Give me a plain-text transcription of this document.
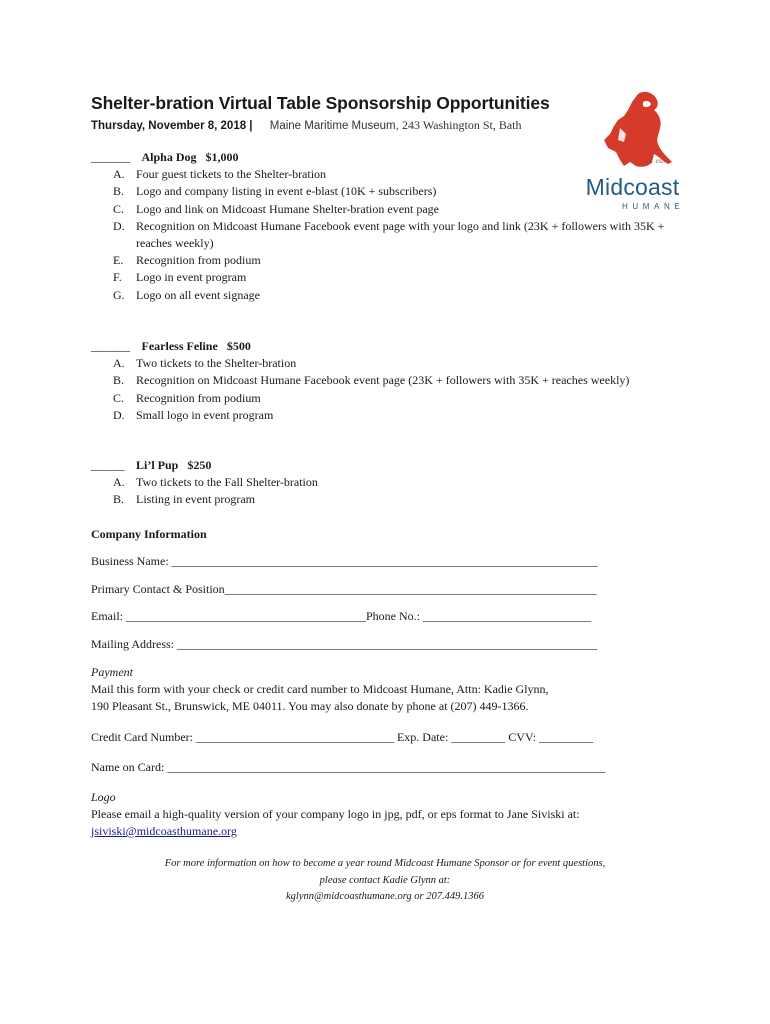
Shelter-bration Virtual Table Sponsorship Opportunities
Thursday, November 8, 2018 | Maine Maritime Museum, 243 Washington St, Bath
Est. 1950
Midcoast
HUMANE
_______ Alpha Dog $1,000
A. Four guest tickets to the Shelter-bration
B. Logo and company listing in event e-blast (10K + subscribers)
C. Logo and link on Midcoast Humane Shelter-bration event page
D. Recognition on Midcoast Humane Facebook event page with your logo and link (23K + followers with 35K + reaches weekly)
E. Recognition from podium
F. Logo in event program
G. Logo on all event signage
_______ Fearless Feline $500
A. Two tickets to the Shelter-bration
B. Recognition on Midcoast Humane Facebook event page (23K + followers with 35K + reaches weekly)
C. Recognition from podium
D. Small logo in event program
______ Li’l Pup $250
A. Two tickets to the Fall Shelter-bration
B. Listing in event program
Company Information
Business Name: _______________________________________________________________________
Primary Contact & Position______________________________________________________________
Email: ________________________________________Phone No.: ____________________________
Mailing Address: ______________________________________________________________________
Payment
Mail this form with your check or credit card number to Midcoast Humane, Attn: Kadie Glynn,
190 Pleasant St., Brunswick, ME 04011. You may also donate by phone at (207) 449-1366.
Credit Card Number: _________________________________ Exp. Date: _________ CVV: _________
Name on Card: _________________________________________________________________________
Logo
Please email a high-quality version of your company logo in jpg, pdf, or eps format to Jane Siviski at:
jsiviski@midcoasthumane.org
For more information on how to become a year round Midcoast Humane Sponsor or for event questions,
please contact Kadie Glynn at:
kglynn@midcoasthumane.org or 207.449.1366
